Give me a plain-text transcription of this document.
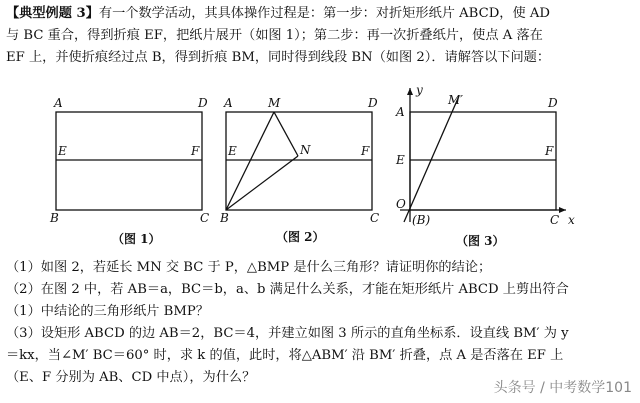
【典型例题 3】有一个数学活动，其具体操作过程是：第一步：对折矩形纸片 ABCD，使 AD
与 BC 重合，得到折痕 EF，把纸片展开（如图 1）；第二步：再一次折叠纸片，使点 A 落在
EF 上，并使折痕经过点 B，得到折痕 BM，同时得到线段 BN（如图 2）．请解答以下问题：
A	D
E	F
B	C
（图 1）
A	M	D
E	N	F
B	C
（图 2）
y
M′	D
A
E
F
O
(B)	C x
（图 3）
（1）如图 2，若延长 MN 交 BC 于 P，△BMP 是什么三角形？请证明你的结论；
（2）在图 2 中，若 AB＝a，BC＝b，a、b 满足什么关系，才能在矩形纸片 ABCD 上剪出符合
（1）中结论的三角形纸片 BMP？
（3）设矩形 ABCD 的边 AB＝2，BC＝4，并建立如图 3 所示的直角坐标系．设直线 BM′ 为 y
＝kx，当∠M′ BC＝60° 时，求 k 的值，此时，将△ABM′ 沿 BM′ 折叠，点 A 是否落在 EF 上
（E、F 分别为 AB、CD 中点），为什么？
头条号 / 中考数学101
